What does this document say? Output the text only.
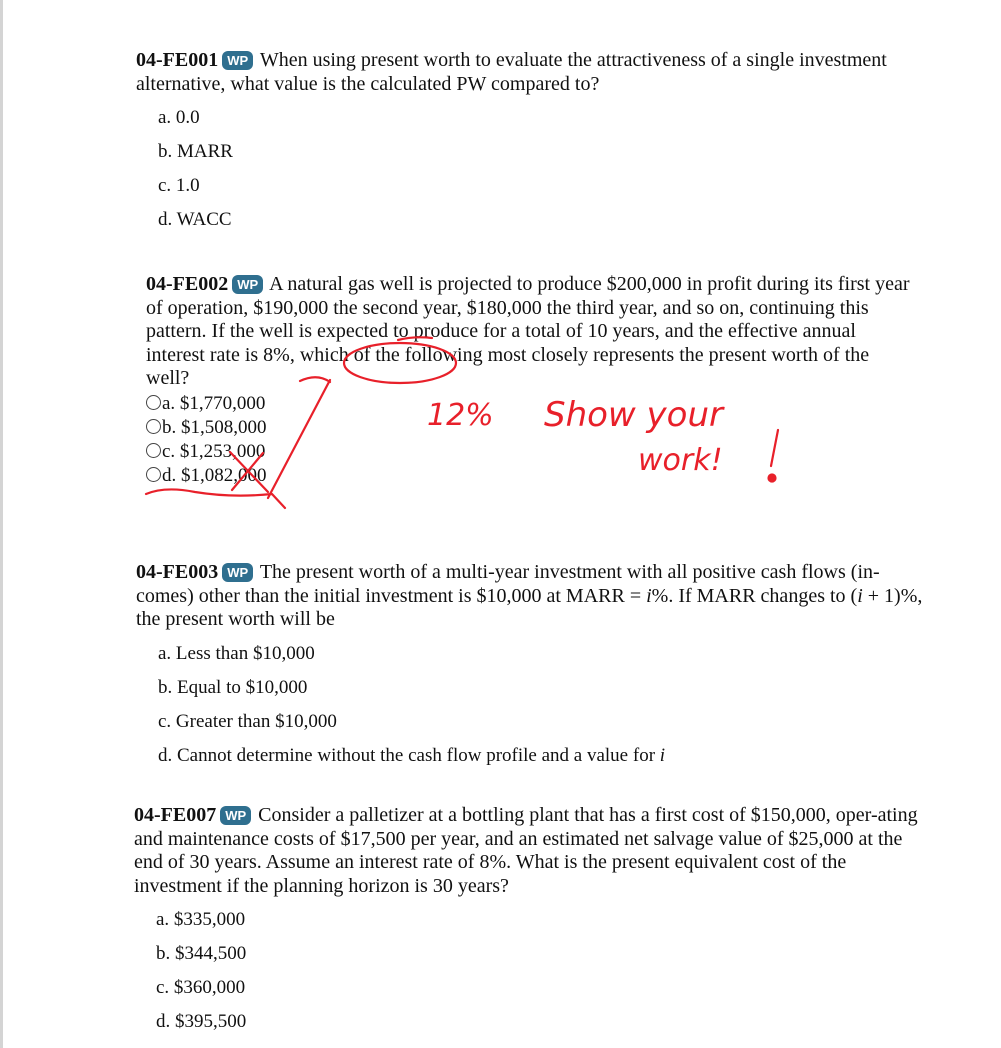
04-FE001 WP When using present worth to evaluate the attractiveness of a single investment alternative, what value is the calculated PW compared to?
a. 0.0
b. MARR
c. 1.0
d. WACC
04-FE002 WP A natural gas well is projected to produce $200,000 in profit during its first year of operation, $190,000 the second year, $180,000 the third year, and so on, continuing this pattern. If the well is expected to produce for a total of 10 years, and the effective annual interest rate is 8%, which of the following most closely represents the present worth of the well?
a. $1,770,000
b. $1,508,000
c. $1,253,000
d. $1,082,000
04-FE003 WP The present worth of a multi-year investment with all positive cash flows (in-comes) other than the initial investment is $10,000 at MARR = i%. If MARR changes to (i + 1)%, the present worth will be
a. Less than $10,000
b. Equal to $10,000
c. Greater than $10,000
d. Cannot determine without the cash flow profile and a value for i
04-FE007 WP Consider a palletizer at a bottling plant that has a first cost of $150,000, oper-ating and maintenance costs of $17,500 per year, and an estimated net salvage value of $25,000 at the end of 30 years. Assume an interest rate of 8%. What is the present equivalent cost of the investment if the planning horizon is 30 years?
a. $335,000
b. $344,500
c. $360,000
d. $395,500
12% Show your
work!
